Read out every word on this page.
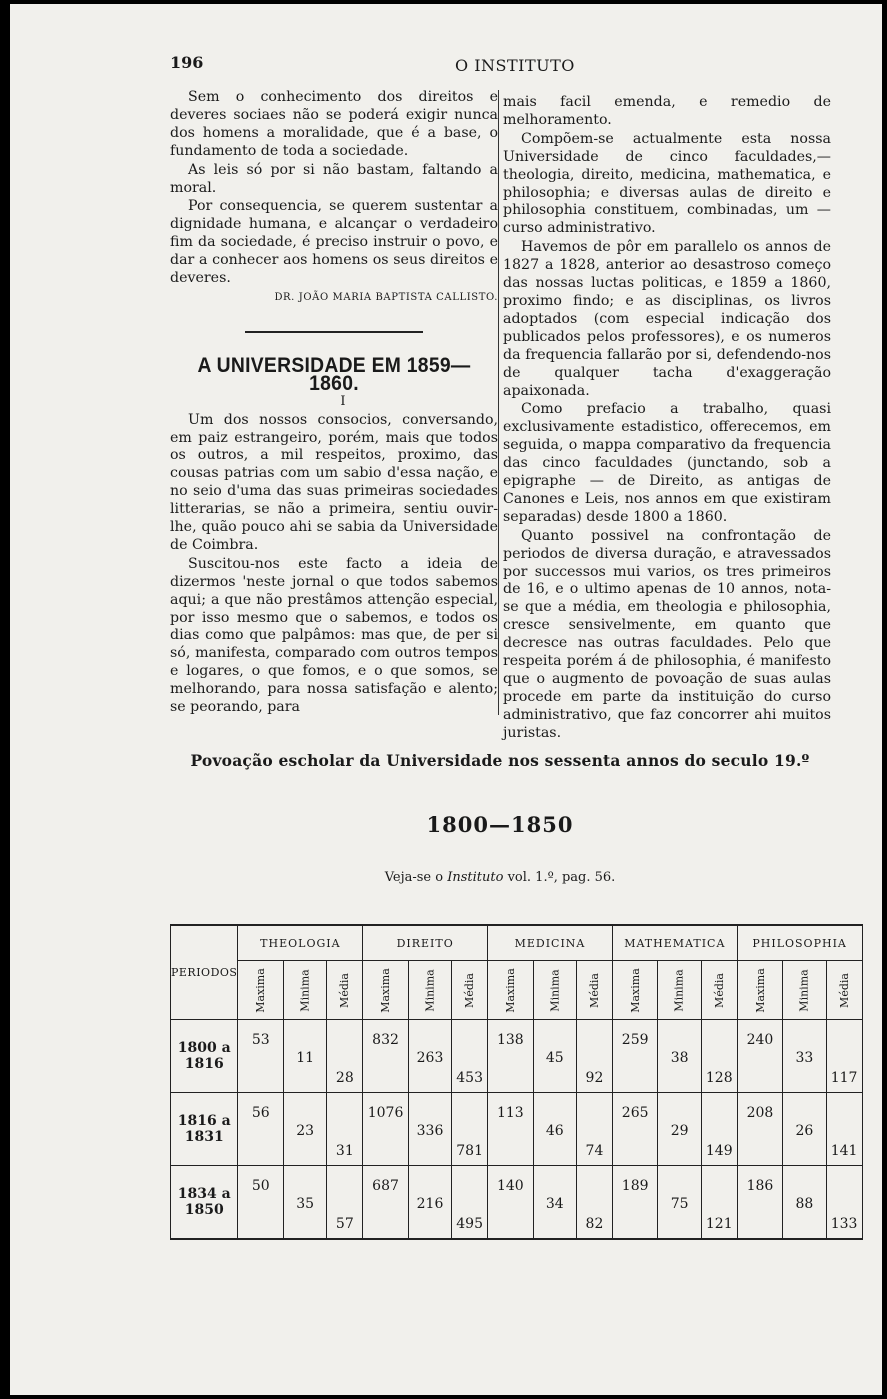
196	O INSTITUTO

Sem o conhecimento dos direitos e deveres sociaes não se poderá exigir nunca dos homens a moralidade, que é a base, o fundamento de toda a sociedade.

As leis só por si não bastam, faltando a moral.

Por consequencia, se querem sustentar a dignidade humana, e alcançar o verdadeiro fim da sociedade, é preciso instruir o povo, e dar a conhecer aos homens os seus direitos e deveres.

DR. JOÃO MARIA BAPTISTA CALLISTO.

A UNIVERSIDADE EM 1859—1860.

I

Um dos nossos consocios, conversando, em paiz estrangeiro, porém, mais que todos os outros, a mil respeitos, proximo, das cousas patrias com um sabio d'essa nação, e no seio d'uma das suas primeiras sociedades litterarias, se não a primeira, sentiu ouvir-lhe, quão pouco ahi se sabia da Universidade de Coimbra.

Suscitou-nos este facto a ideia de dizermos 'neste jornal o que todos sabemos aqui; a que não prestâmos attenção especial, por isso mesmo que o sabemos, e todos os dias como que palpâmos: mas que, de per si só, manifesta, comparado com outros tempos e logares, o que fomos, e o que somos, se melhorando, para nossa satisfação e alento; se peorando, para

mais facil emenda, e remedio de melhoramento.

Compõem-se actualmente esta nossa Universidade de cinco faculdades,—theologia, direito, medicina, mathematica, e philosophia; e diversas aulas de direito e philosophia constituem, combinadas, um — curso administrativo.

Havemos de pôr em parallelo os annos de 1827 a 1828, anterior ao desastroso começo das nossas luctas politicas, e 1859 a 1860, proximo findo; e as disciplinas, os livros adoptados (com especial indicação dos publicados pelos professores), e os numeros da frequencia fallarão por si, defendendo-nos de qualquer tacha d'exaggeração apaixonada.

Como prefacio a trabalho, quasi exclusivamente estadistico, offerecemos, em seguida, o mappa comparativo da frequencia das cinco faculdades (junctando, sob a epigraphe — de Direito, as antigas de Canones e Leis, nos annos em que existiram separadas) desde 1800 a 1860.

Quanto possivel na confrontação de periodos de diversa duração, e atravessados por successos mui varios, os tres primeiros de 16, e o ultimo apenas de 10 annos, nota-se que a média, em theologia e philosophia, cresce sensivelmente, em quanto que decresce nas outras faculdades. Pelo que respeita porém á de philosophia, é manifesto que o augmento de povoação de suas aulas procede em parte da instituição do curso administrativo, que faz concorrer ahi muitos juristas.

Povoação escholar da Universidade nos sessenta annos do seculo 19.º
1800—1850
Veja-se o Instituto vol. 1.º, pag. 56.
PERIODOS	THEOLOGIA			DIREITO			MEDICINA			MATHEMATICA			PHILOSOPHIA		
	Maxima	Minima	Média	Maxima	Minima	Média	Maxima	Minima	Média	Maxima	Minima	Média	Maxima	Minima	Média
1800 a 1816	53	11	28	832	263	453	138	45	92	259	38	128	240	33	117
1816 a 1831	56	23	31	1076	336	781	113	46	74	265	29	149	208	26	141
1834 a 1850	50	35	57	687	216	495	140	34	82	189	75	121	186	88	133
